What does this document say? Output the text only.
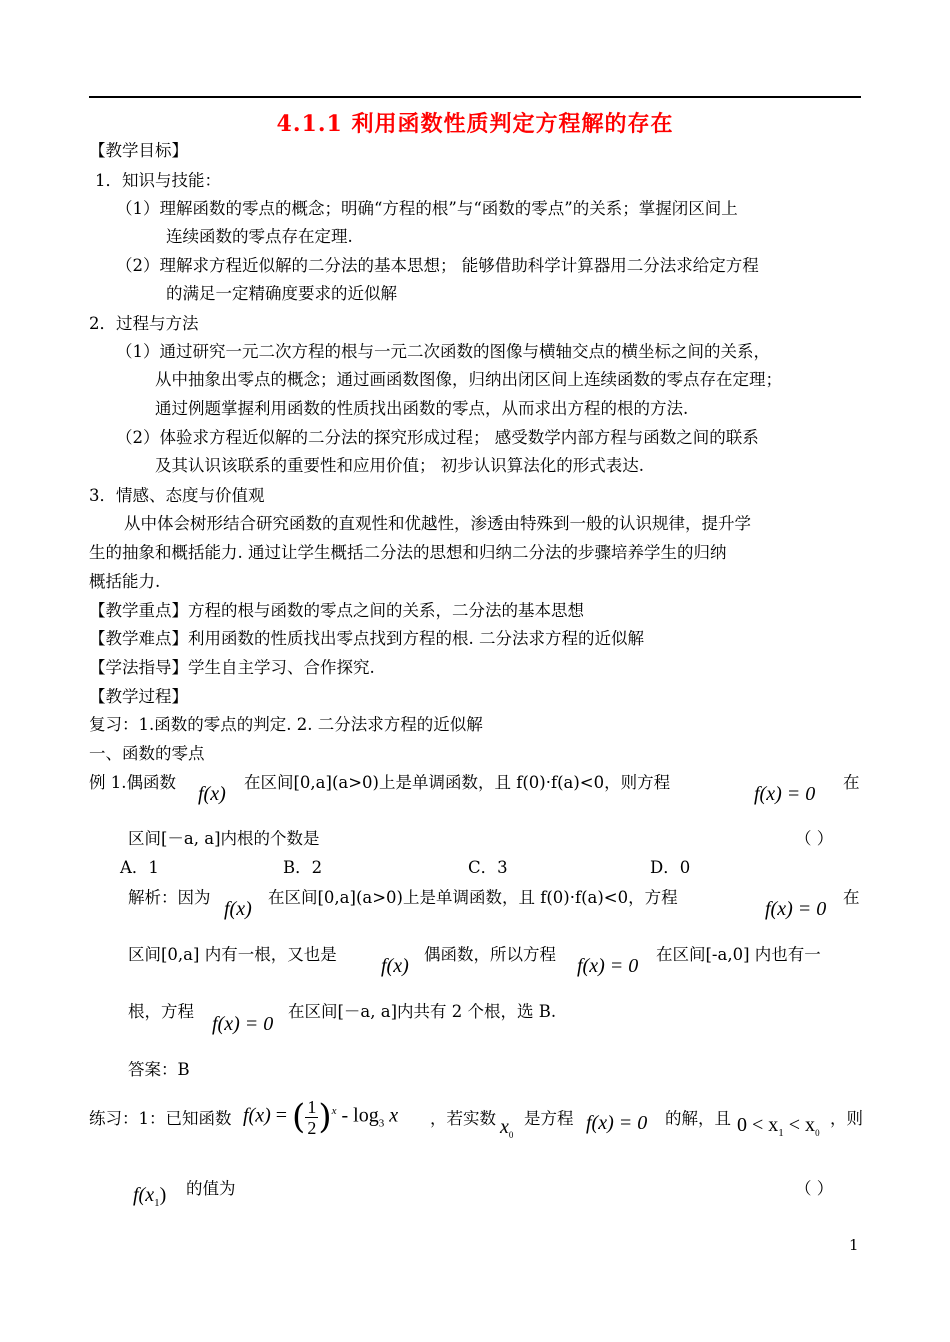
4.1.1 利用函数性质判定方程解的存在
【教学目标】
1．知识与技能：
（1）理解函数的零点的概念；明确“方程的根”与“函数的零点”的关系；掌握闭区间上
连续函数的零点存在定理.
（2）理解求方程近似解的二分法的基本思想； 能够借助科学计算器用二分法求给定方程
的满足一定精确度要求的近似解
2．过程与方法
（1）通过研究一元二次方程的根与一元二次函数的图像与横轴交点的横坐标之间的关系，
从中抽象出零点的概念；通过画函数图像，归纳出闭区间上连续函数的零点存在定理；
通过例题掌握利用函数的性质找出函数的零点，从而求出方程的根的方法.
（2）体验求方程近似解的二分法的探究形成过程； 感受数学内部方程与函数之间的联系
及其认识该联系的重要性和应用价值； 初步认识算法化的形式表达.
3．情感、态度与价值观
从中体会树形结合研究函数的直观性和优越性，渗透由特殊到一般的认识规律，提升学
生的抽象和概括能力. 通过让学生概括二分法的思想和归纳二分法的步骤培养学生的归纳
概括能力.
【教学重点】方程的根与函数的零点之间的关系，二分法的基本思想
【教学难点】利用函数的性质找出零点找到方程的根. 二分法求方程的近似解
【学法指导】学生自主学习、合作探究.
【教学过程】
复习：1.函数的零点的判定. 2. 二分法求方程的近似解
一、函数的零点
例 1.偶函数
f(x)
在区间[0,a](a>0)上是单调函数，且 f(0)·f(a)<0，则方程
f(x) = 0
在
区间[－a, a]内根的个数是	（ ）
A．1	B．2	C．3	D．0
解析：因为
f(x)
在区间[0,a](a>0)上是单调函数，且 f(0)·f(a)<0，方程
f(x) = 0
在
区间[0,a] 内有一根，又也是
f(x)
偶函数，所以方程
f(x) = 0
在区间[-a,0] 内也有一
根，方程
f(x) = 0
在区间[－a, a]内共有 2 个根，选 B.
答案：B
练习：1：已知函数 f(x) = ( $\frac{1}{2} )^x - \log_3 x$ ，若实数 $x_0$
是方程 f(x) = 0 的解，且 $0 < x_1 < x_0$
，则
$f(x_1)$ 的值为	（ ）
1
